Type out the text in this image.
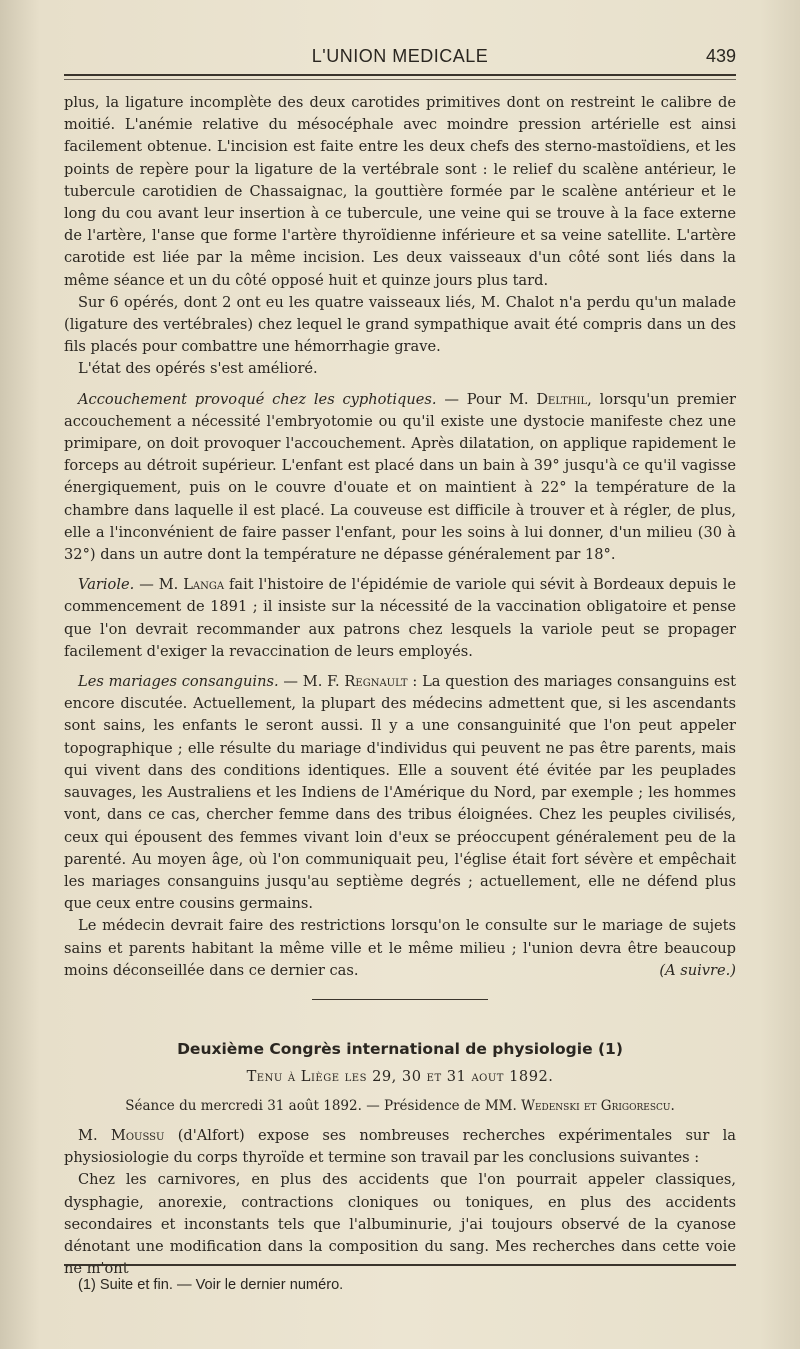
L'UNION MEDICALE	439

plus, la ligature incomplète des deux carotides primitives dont on restreint le calibre de moitié. L'anémie relative du mésocéphale avec moindre pression artérielle est ainsi facilement obtenue. L'incision est faite entre les deux chefs des sterno-mastoïdiens, et les points de repère pour la ligature de la vertébrale sont : le relief du scalène antérieur, le tubercule carotidien de Chassaignac, la gouttière formée par le scalène antérieur et le long du cou avant leur insertion à ce tubercule, une veine qui se trouve à la face externe de l'artère, l'anse que forme l'artère thyroïdienne inférieure et sa veine satellite. L'artère carotide est liée par la même incision. Les deux vaisseaux d'un côté sont liés dans la même séance et un du côté opposé huit et quinze jours plus tard.

Sur 6 opérés, dont 2 ont eu les quatre vaisseaux liés, M. Chalot n'a perdu qu'un malade (ligature des vertébrales) chez lequel le grand sympathique avait été compris dans un des fils placés pour combattre une hémorrhagie grave.

L'état des opérés s'est amélioré.

Accouchement provoqué chez les cyphotiques. — Pour M. Delthil, lorsqu'un premier accouchement a nécessité l'embryotomie ou qu'il existe une dystocie manifeste chez une primipare, on doit provoquer l'accouchement. Après dilatation, on applique rapidement le forceps au détroit supérieur. L'enfant est placé dans un bain à 39° jusqu'à ce qu'il vagisse énergiquement, puis on le couvre d'ouate et on maintient à 22° la température de la chambre dans laquelle il est placé. La couveuse est difficile à trouver et à régler, de plus, elle a l'inconvénient de faire passer l'enfant, pour les soins à lui donner, d'un milieu (30 à 32°) dans un autre dont la température ne dépasse généralement par 18°.

Variole. — M. Langa fait l'histoire de l'épidémie de variole qui sévit à Bordeaux depuis le commencement de 1891 ; il insiste sur la nécessité de la vaccination obligatoire et pense que l'on devrait recommander aux patrons chez lesquels la variole peut se propager facilement d'exiger la revaccination de leurs employés.

Les mariages consanguins. — M. F. Regnault : La question des mariages consanguins est encore discutée. Actuellement, la plupart des médecins admettent que, si les ascendants sont sains, les enfants le seront aussi. Il y a une consanguinité que l'on peut appeler topographique ; elle résulte du mariage d'individus qui peuvent ne pas être parents, mais qui vivent dans des conditions identiques. Elle a souvent été évitée par les peuplades sauvages, les Australiens et les Indiens de l'Amérique du Nord, par exemple ; les hommes vont, dans ce cas, chercher femme dans des tribus éloignées. Chez les peuples civilisés, ceux qui épousent des femmes vivant loin d'eux se préoccupent généralement peu de la parenté. Au moyen âge, où l'on communiquait peu, l'église était fort sévère et empêchait les mariages consanguins jusqu'au septième degrés ; actuellement, elle ne défend plus que ceux entre cousins germains.

Le médecin devrait faire des restrictions lorsqu'on le consulte sur le mariage de sujets sains et parents habitant la même ville et le même milieu ; l'union devra être beaucoup moins déconseillée dans ce dernier cas.	(A suivre.)

Deuxième Congrès international de physiologie (1)
Tenu à Liège les 29, 30 et 31 aout 1892.
Séance du mercredi 31 août 1892. — Présidence de MM. Wedenski et Grigorescu.

M. Moussu (d'Alfort) expose ses nombreuses recherches expérimentales sur la physiosiologie du corps thyroïde et termine son travail par les conclusions suivantes :

Chez les carnivores, en plus des accidents que l'on pourrait appeler classiques, dysphagie, anorexie, contractions cloniques ou toniques, en plus des accidents secondaires et inconstants tels que l'albuminurie, j'ai toujours observé de la cyanose dénotant une modification dans la composition du sang. Mes recherches dans cette voie ne m'ont

(1) Suite et fin. — Voir le dernier numéro.
